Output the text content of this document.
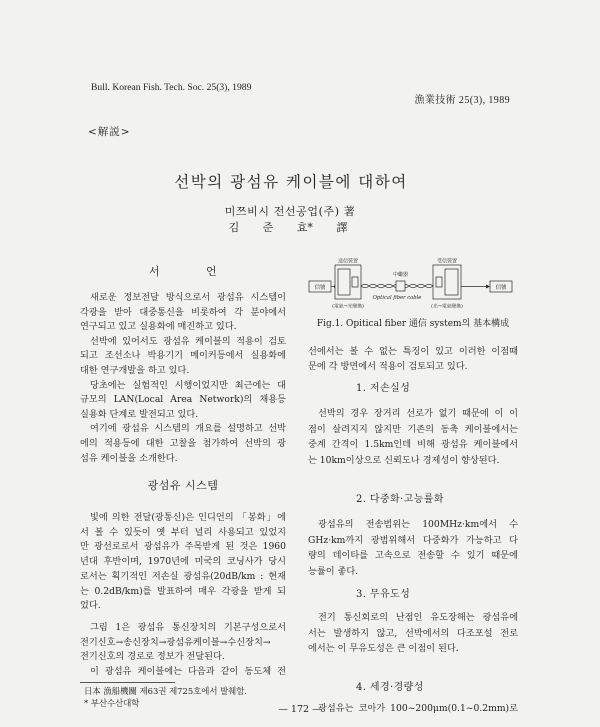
Bull. Korean Fish. Tech. Soc. 25(3), 1989
漁業技術 25(3), 1989
<解説>
선박의 광섬유 케이블에 대하여
미쯔비시 전선공업(주) 著
김 준 효* 譯
서 언
새로운 정보전달 방식으로서 광섬유 시스템이
각광을 받아 대중통신을 비롯하여 각 분야에서
연구되고 있고 실용화에 매진하고 있다.
선박에 있어서도 광섬유 케이블의 적용이 검토
되고 조선소나 박용기기 메이커등에서 실용화에
대한 연구개발을 하고 있다.
당초에는 실험적인 시행이었지만 최근에는 대
규모의 LAN(Local Area Network)의 채용등
실용화 단계로 발전되고 있다.
여기에 광섬유 시스템의 개요를 설명하고 선박
에의 적용등에 대한 고찰을 첨가하여 선박의 광
섬유 케이블을 소개한다.
광섬유 시스템
빛에 의한 전달(광통신)은 인디언의 「봉화」에
서 볼 수 있듯이 옛 부터 널리 사용되고 있었지
만 광선로로서 광섬유가 주목받게 된 것은 1960
년대 후반이며, 1970년에 미국의 코닝사가 당시
로서는 획기적인 저손실 광섬유(20dB/km : 현재
는 0.2dB/km)를 발표하여 매우 각광을 받게 되
었다.
그림 1은 광섬유 통신장치의 기본구성으로서
전기신호→송신장치→광섬유케이블→수신장치→
전기신호의 경로로 정보가 전달된다.
이 광섬유 케이블에는 다음과 같이 동도체 전
信號
送信裝置
(電氣→光變換)
中繼器
Optical fiber cable
受信裝置
(光→電氣變換)
信號
Fig.1. Opitical fiber 通信 system의 基本構成
선에서는 볼 수 없는 특징이 있고 이러한 이점때
문에 각 방면에서 적용이 검토되고 있다.
1. 저손실성
선박의 경우 장거리 선로가 없기 때문에 이 이
점이 살려지지 않지만 기존의 동축 케이블에서는
중계 간격이 1.5km인데 비해 광섬유 케이블에서
는 10km이상으로 신뢰도나 경제성이 향상된다.
2. 다중화·고능률화
광섬유의 전송범위는 100MHz·km에서 수
GHz·km까지 광범위해서 다중화가 가능하고 다
량의 데이타를 고속으로 전송할 수 있기 때문에
능률이 좋다.
3. 무유도성
전기 통신회로의 난점인 유도장해는 광섬유에
서는 발생하지 않고, 선박에서의 다조포설 전로
에서는 이 무유도성은 큰 이점이 된다.
4. 세경·경량성
광섬유는 코아가 100~200μm(0.1~0.2mm)로
日本 漁船機關 제63권 제725호에서 발췌함.
* 부산수산대학
— 172 —
